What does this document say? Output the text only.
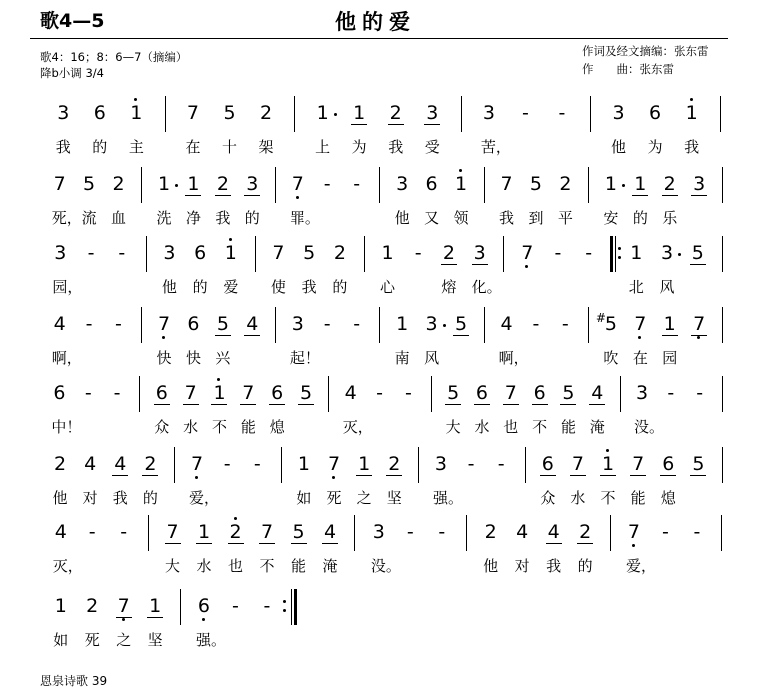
歌4—5	他的爱
歌4：16；8：6—7（摘编）
降b小调 3/4
作词及经文摘编：张东雷
作　　曲：张东雷
3 6 1 7 5 2 1 1 2 3 3 - - 3 6 1
我 的 主	在 十 架	上 为 我 受	苦，	他 为 我
7 5 2 1 1 2 3 7 - - 3 6 1 7 5 2 1 1 2 3
死， 流 血 洗 净 我 的 罪。	他 又 领 我 到 平 安 的 乐
3 - - 3 6 1 7 5 2 1 - 2 3 7 - - 1 3 5
园，	他 的 爱 使 我 的 心	熔 化。	北 风
4 - - 7 6 5 4 3 - - 1 3 5 4 - -
# 5 7 1 7
啊，	快 快 兴	起！	南 风	啊，	吹 在 园
6 - - 6 7 1 7 6 5 4 - - 5 6 7 6 5 4 3 - -
中！	众 水 不 能 熄	灭，	大 水 也 不 能 淹 没。
2 4 4 2 7 - - 1 7 1 2 3 - - 6 7 1 7 6 5
他 对 我 的 爱，	如 死 之 坚 强。	众 水 不 能 熄
4 - - 7 1 2 7 5 4 3 - - 2 4 4 2 7 - -
灭，	大 水 也 不 能 淹 没。	他 对 我 的 爱，
1 2 7 1 6 - -
如 死 之 坚 强。
恩泉诗歌 39
